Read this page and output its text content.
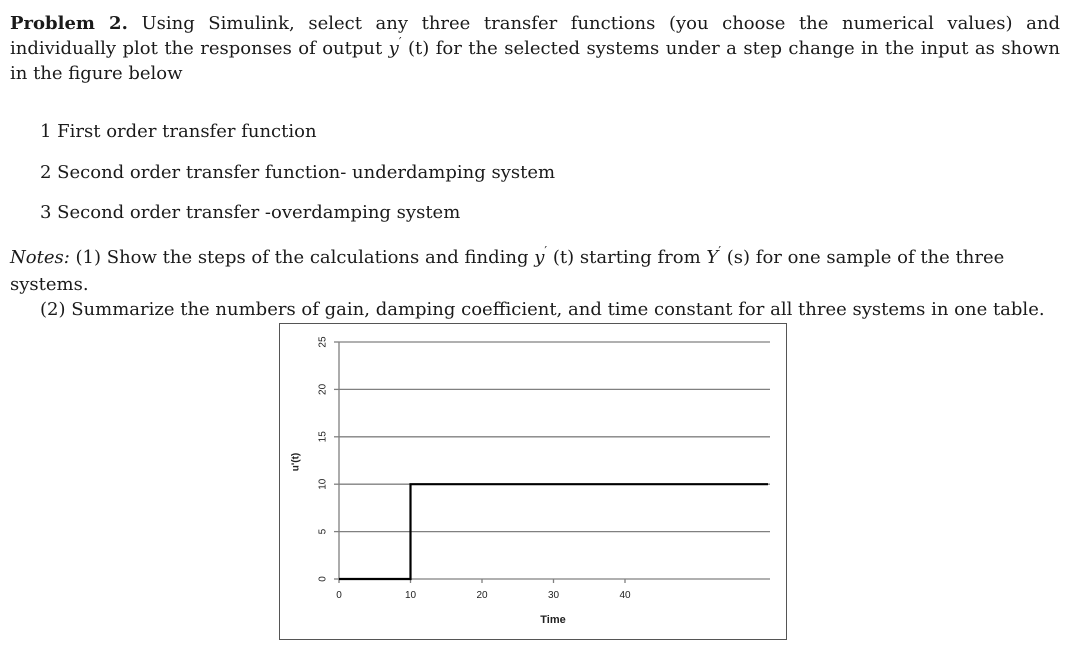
Problem 2. Using Simulink, select any three transfer functions (you choose the numerical values) and individually plot the responses of output y′ (t) for the selected systems under a step change in the input as shown in the figure below
1 First order transfer function
2 Second order transfer function- underdamping system
3 Second order transfer -overdamping system
Notes: (1) Show the steps of the calculations and finding y′ (t) starting from Y′ (s) for one sample of the three systems.
(2) Summarize the numbers of gain, damping coefficient, and time constant for all three systems in one table.
0
5
10
15
20
25
0	10	20	30	40
Time
u'(t)
